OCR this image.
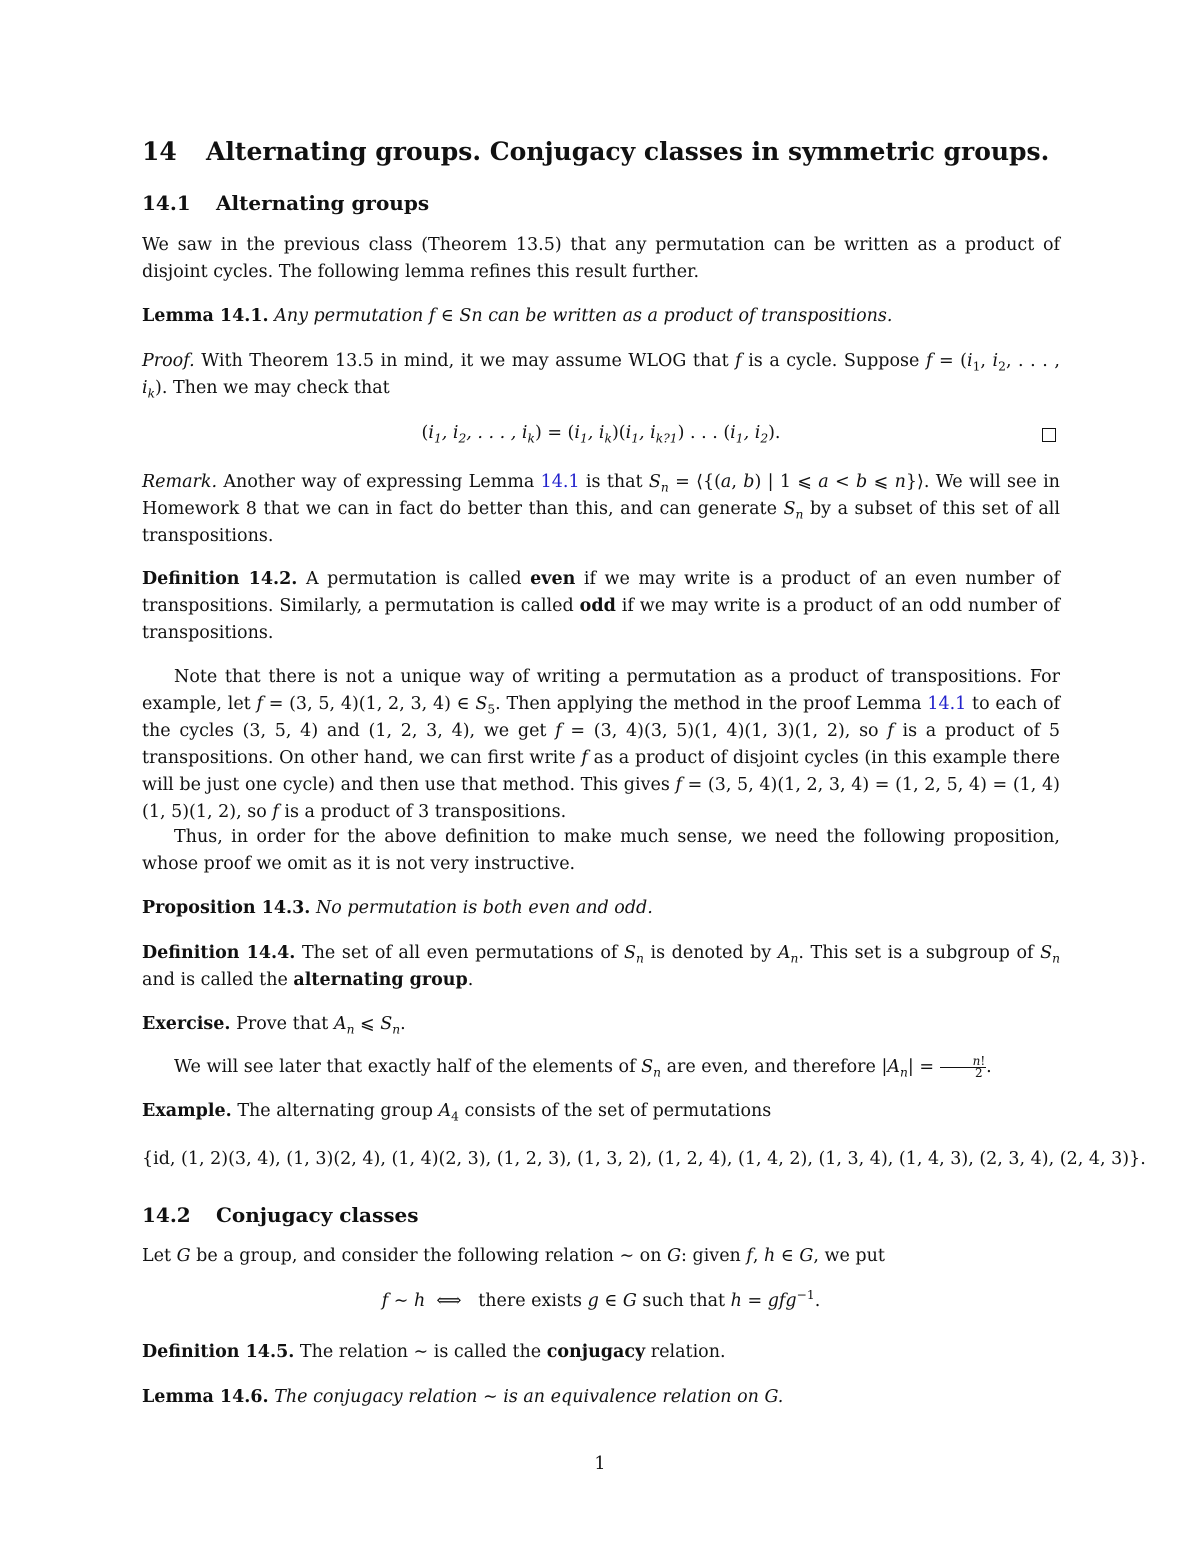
14 Alternating groups. Conjugacy classes in symmetric groups.
14.1 Alternating groups

We saw in the previous class (Theorem 13.5) that any permutation can be written as a product of disjoint cycles. The following lemma refines this result further.

Lemma 14.1. Any permutation f ∈ Sn can be written as a product of transpositions.

Proof. With Theorem 13.5 in mind, it we may assume WLOG that f is a cycle. Suppose $f = (i_1$, $i_2$, . . . , $i_k$). Then we may check that

($i_1$, $i_2$, . . . , $i_k) = (i_1$, $i_k)(i_1$, $i_{k?1}$) . . . ($i_1$, $i_2$).

Remark. Another way of expressing Lemma 14.1 is that $S_n$ = ⟨{(a, b) | 1 ⩽ a < b ⩽ n}⟩. We will see in Homework 8 that we can in fact do better than this, and can generate $S_n$ by a subset of this set of all transpositions.

Definition 14.2. A permutation is called even if we may write is a product of an even number of transpositions. Similarly, a permutation is called odd if we may write is a product of an odd number of transpositions.

Note that there is not a unique way of writing a permutation as a product of transpositions. For example, let f = (3, 5, 4)(1, 2, 3, 4) ∈ $S_5$. Then applying the method in the proof Lemma 14.1 to each of the cycles (3, 5, 4) and (1, 2, 3, 4), we get f = (3, 4)(3, 5)(1, 4)(1, 3)(1, 2), so f is a product of 5 transpositions. On other hand, we can first write f as a product of disjoint cycles (in this example there will be just one cycle) and then use that method. This gives f = (3, 5, 4)(1, 2, 3, 4) = (1, 2, 5, 4) = (1, 4)(1, 5)(1, 2), so f is a product of 3 transpositions.

Thus, in order for the above definition to make much sense, we need the following proposition, whose proof we omit as it is not very instructive.

Proposition 14.3. No permutation is both even and odd.

Definition 14.4. The set of all even permutations of $S_n$ is denoted by $A_n$. This set is a subgroup of $S_n$ and is called the alternating group.

Exercise. Prove that $A_n$ ⩽ $S_n$.

We will see later that exactly half of the elements of $S_n$ are even, and therefore $|A_n| = \frac{n!}{2}$ .

Example. The alternating group $A_4$ consists of the set of permutations

{id, (1, 2)(3, 4), (1, 3)(2, 4), (1, 4)(2, 3), (1, 2, 3), (1, 3, 2), (1, 2, 4), (1, 4, 2), (1, 3, 4), (1, 4, 3), (2, 3, 4), (2, 4, 3)}.

14.2 Conjugacy classes

Let G be a group, and consider the following relation ∼ on G: given f, h ∈ G, we put

f ∼ h ⟺ there exists g ∈ G such that h = gfg$^{-1}$.

Definition 14.5. The relation ∼ is called the conjugacy relation.

Lemma 14.6. The conjugacy relation ∼ is an equivalence relation on G.

1
